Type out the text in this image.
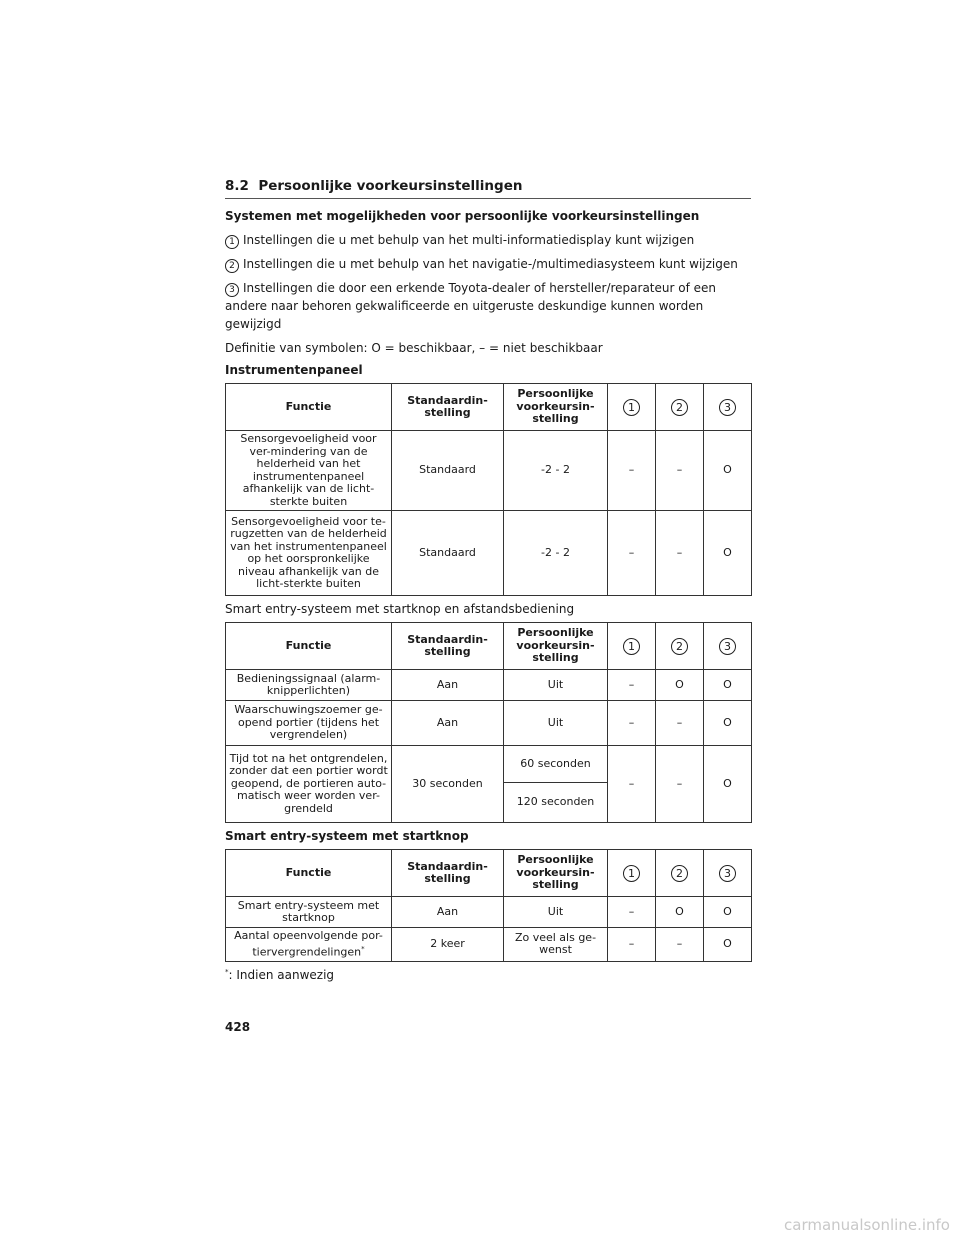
8.2 Persoonlijke voorkeursinstellingen
Systemen met mogelijkheden voor persoonlijke voorkeursinstellingen
1 Instellingen die u met behulp van het multi-informatiedisplay kunt wijzigen
2 Instellingen die u met behulp van het navigatie-/multimediasysteem kunt wijzigen
3 Instellingen die door een erkende Toyota-dealer of hersteller/reparateur of een andere naar behoren gekwalificeerde en uitgeruste deskundige kunnen worden gewijzigd
Definitie van symbolen: O = beschikbaar, – = niet beschikbaar
Instrumentenpaneel
Functie	Standaardin-stelling	Persoonlijke voorkeursin-stelling	1	2	3
Sensorgevoeligheid voor ver-mindering van de helderheid van het instrumentenpaneel afhankelijk van de licht-sterkte buiten	Standaard	-2 - 2	–	–	O
Sensorgevoeligheid voor te-rugzetten van de helderheid van het instrumentenpaneel op het oorspronkelijke niveau afhankelijk van de licht-sterkte buiten	Standaard	-2 - 2	–	–	O
Smart entry-systeem met startknop en afstandsbediening
Functie	Standaardin-stelling	Persoonlijke voorkeursin-stelling	1	2	3
Bedieningssignaal (alarm-knipperlichten)	Aan	Uit	–	O	O
Waarschuwingszoemer ge-opend portier (tijdens het vergrendelen)	Aan	Uit	–	–	O
Tijd tot na het ontgrendelen, zonder dat een portier wordt geopend, de portieren auto-matisch weer worden ver-grendeld	30 seconden	60 seconden	–	–	O
		120 seconden			
Smart entry-systeem met startknop
Functie	Standaardin-stelling	Persoonlijke voorkeursin-stelling	1	2	3
Smart entry-systeem met startknop	Aan	Uit	–	O	O
Aantal opeenvolgende por-tiervergrendelingen*	2 keer	Zo veel als ge-wenst	–	–	O
*: Indien aanwezig
428
carmanualsonline.info
